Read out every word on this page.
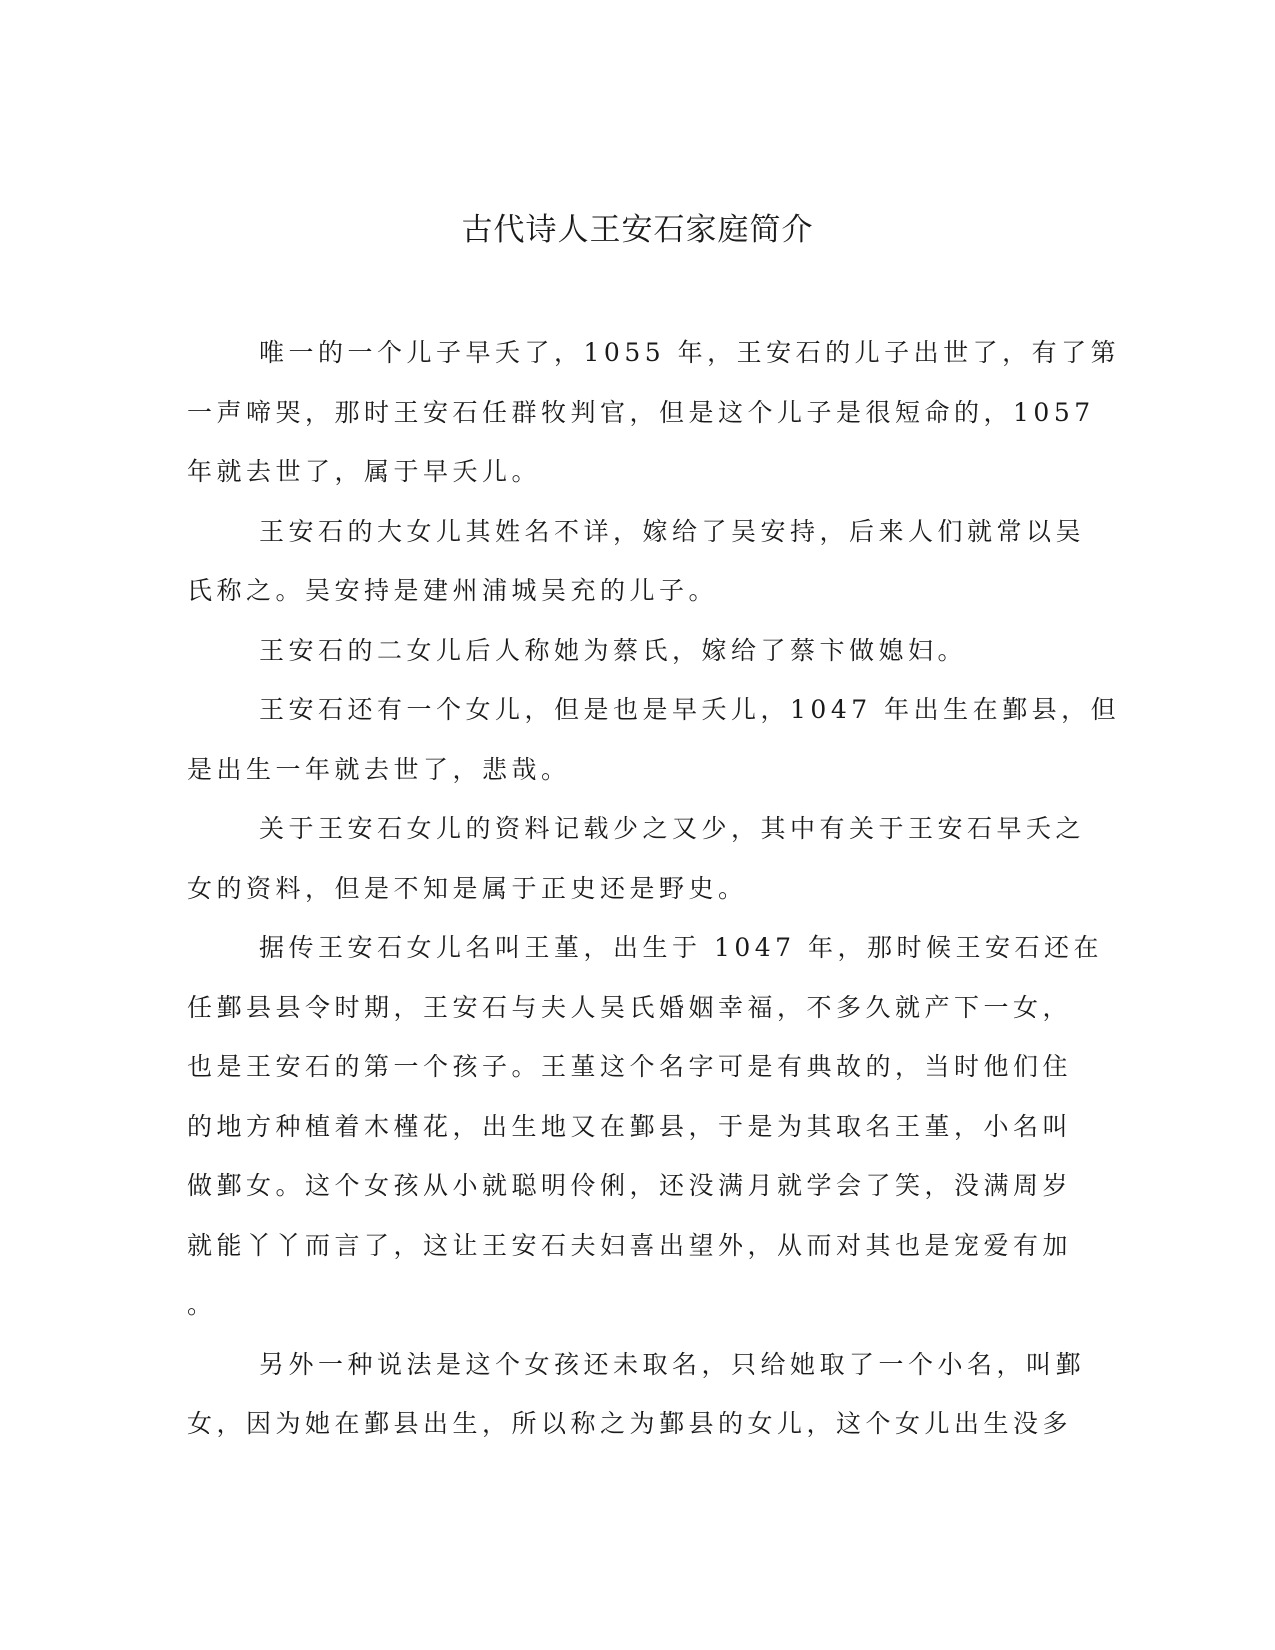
古代诗人王安石家庭简介
唯一的一个儿子早夭了，1055 年，王安石的儿子出世了，有了第
一声啼哭，那时王安石任群牧判官，但是这个儿子是很短命的，1057
年就去世了，属于早夭儿。
王安石的大女儿其姓名不详，嫁给了吴安持，后来人们就常以吴
氏称之。吴安持是建州浦城吴充的儿子。
王安石的二女儿后人称她为蔡氏，嫁给了蔡卞做媳妇。
王安石还有一个女儿，但是也是早夭儿，1047 年出生在鄞县，但
是出生一年就去世了，悲哉。
关于王安石女儿的资料记载少之又少，其中有关于王安石早夭之
女的资料，但是不知是属于正史还是野史。
据传王安石女儿名叫王堇，出生于 1047 年，那时候王安石还在
任鄞县县令时期，王安石与夫人吴氏婚姻幸福，不多久就产下一女，
也是王安石的第一个孩子。王堇这个名字可是有典故的，当时他们住
的地方种植着木槿花，出生地又在鄞县，于是为其取名王堇，小名叫
做鄞女。这个女孩从小就聪明伶俐，还没满月就学会了笑，没满周岁
就能丫丫而言了，这让王安石夫妇喜出望外，从而对其也是宠爱有加
。
另外一种说法是这个女孩还未取名，只给她取了一个小名，叫鄞
女，因为她在鄞县出生，所以称之为鄞县的女儿，这个女儿出生没多
